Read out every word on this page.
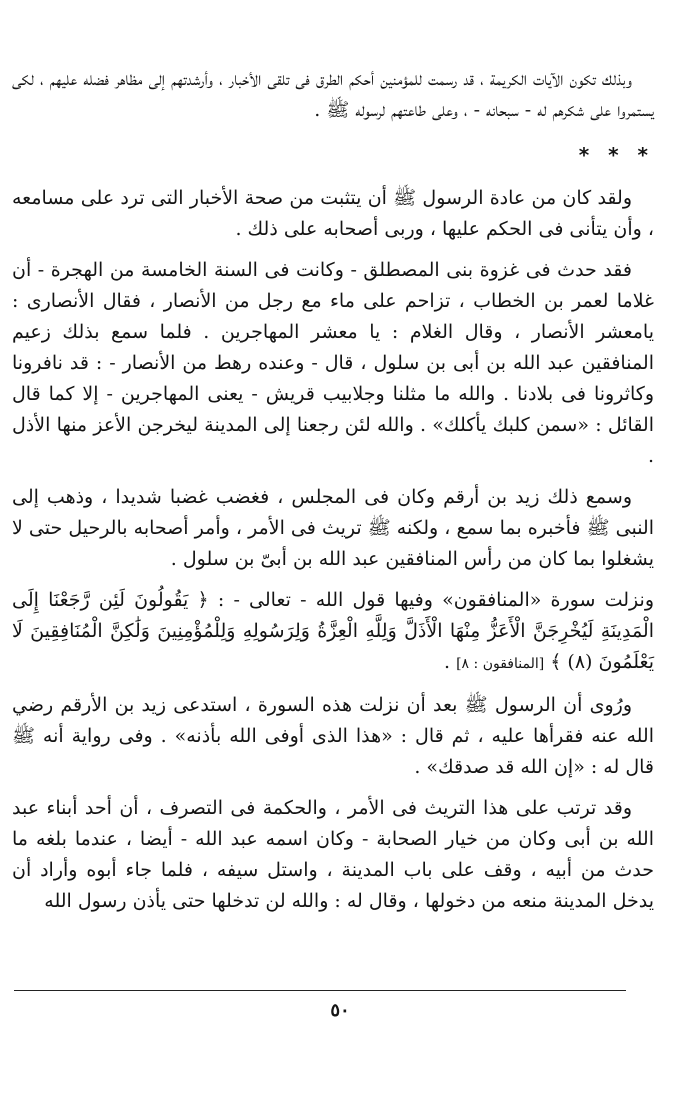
وبذلك تكون الآيات الكريمة ، قد رسمت للمؤمنين أحكم الطرق فى تلقى الأخبار ، وأرشدتهم إلى مظاهر فضله عليهم ، لكى يستمروا على شكرهم له - سبحانه - ، وعلى طاعتهم لرسوله ﷺ .

* * *

ولقد كان من عادة الرسول ﷺ أن يتثبت من صحة الأخبار التى ترد على مسامعه ، وأن يتأنى فى الحكم عليها ، وربى أصحابه على ذلك .

فقد حدث فى غزوة بنى المصطلق - وكانت فى السنة الخامسة من الهجرة - أن غلاما لعمر بن الخطاب ، تزاحم على ماء مع رجل من الأنصار ، فقال الأنصارى : يامعشر الأنصار ، وقال الغلام : يا معشر المهاجرين . فلما سمع بذلك زعيم المنافقين عبد الله بن أبى بن سلول ، قال - وعنده رهط من الأنصار - : قد نافرونا وكاثرونا فى بلادنا . والله ما مثلنا وجلابيب قريش - يعنى المهاجرين - إلا كما قال القائل : «سمن كلبك يأكلك» . والله لئن رجعنا إلى المدينة ليخرجن الأعز منها الأذل .

وسمع ذلك زيد بن أرقم وكان فى المجلس ، فغضب غضبا شديدا ، وذهب إلى النبى ﷺ فأخبره بما سمع ، ولكنه ﷺ تريث فى الأمر ، وأمر أصحابه بالرحيل حتى لا يشغلوا بما كان من رأس المنافقين عبد الله بن أبىّ بن سلول .

ونزلت سورة «المنافقون» وفيها قول الله - تعالى - : ﴿ يَقُولُونَ لَئِن رَّجَعْنَا إِلَى الْمَدِينَةِ لَيُخْرِجَنَّ الْأَعَزُّ مِنْهَا الْأَذَلَّ وَلِلَّهِ الْعِزَّةُ وَلِرَسُولِهِ وَلِلْمُؤْمِنِينَ وَلَٰكِنَّ الْمُنَافِقِينَ لَا يَعْلَمُونَ (٨) ﴾ [المنافقون : ٨] .

ورُوى أن الرسول ﷺ بعد أن نزلت هذه السورة ، استدعى زيد بن الأرقم رضي الله عنه فقرأها عليه ، ثم قال : «هذا الذى أوفى الله بأذنه» . وفى رواية أنه ﷺ قال له : «إن الله قد صدقك» .

وقد ترتب على هذا التريث فى الأمر ، والحكمة فى التصرف ، أن أحد أبناء عبد الله بن أبى وكان من خيار الصحابة - وكان اسمه عبد الله - أيضا ، عندما بلغه ما حدث من أبيه ، وقف على باب المدينة ، واستل سيفه ، فلما جاء أبوه وأراد أن يدخل المدينة منعه من دخولها ، وقال له : والله لن تدخلها حتى يأذن رسول الله

٥٠
